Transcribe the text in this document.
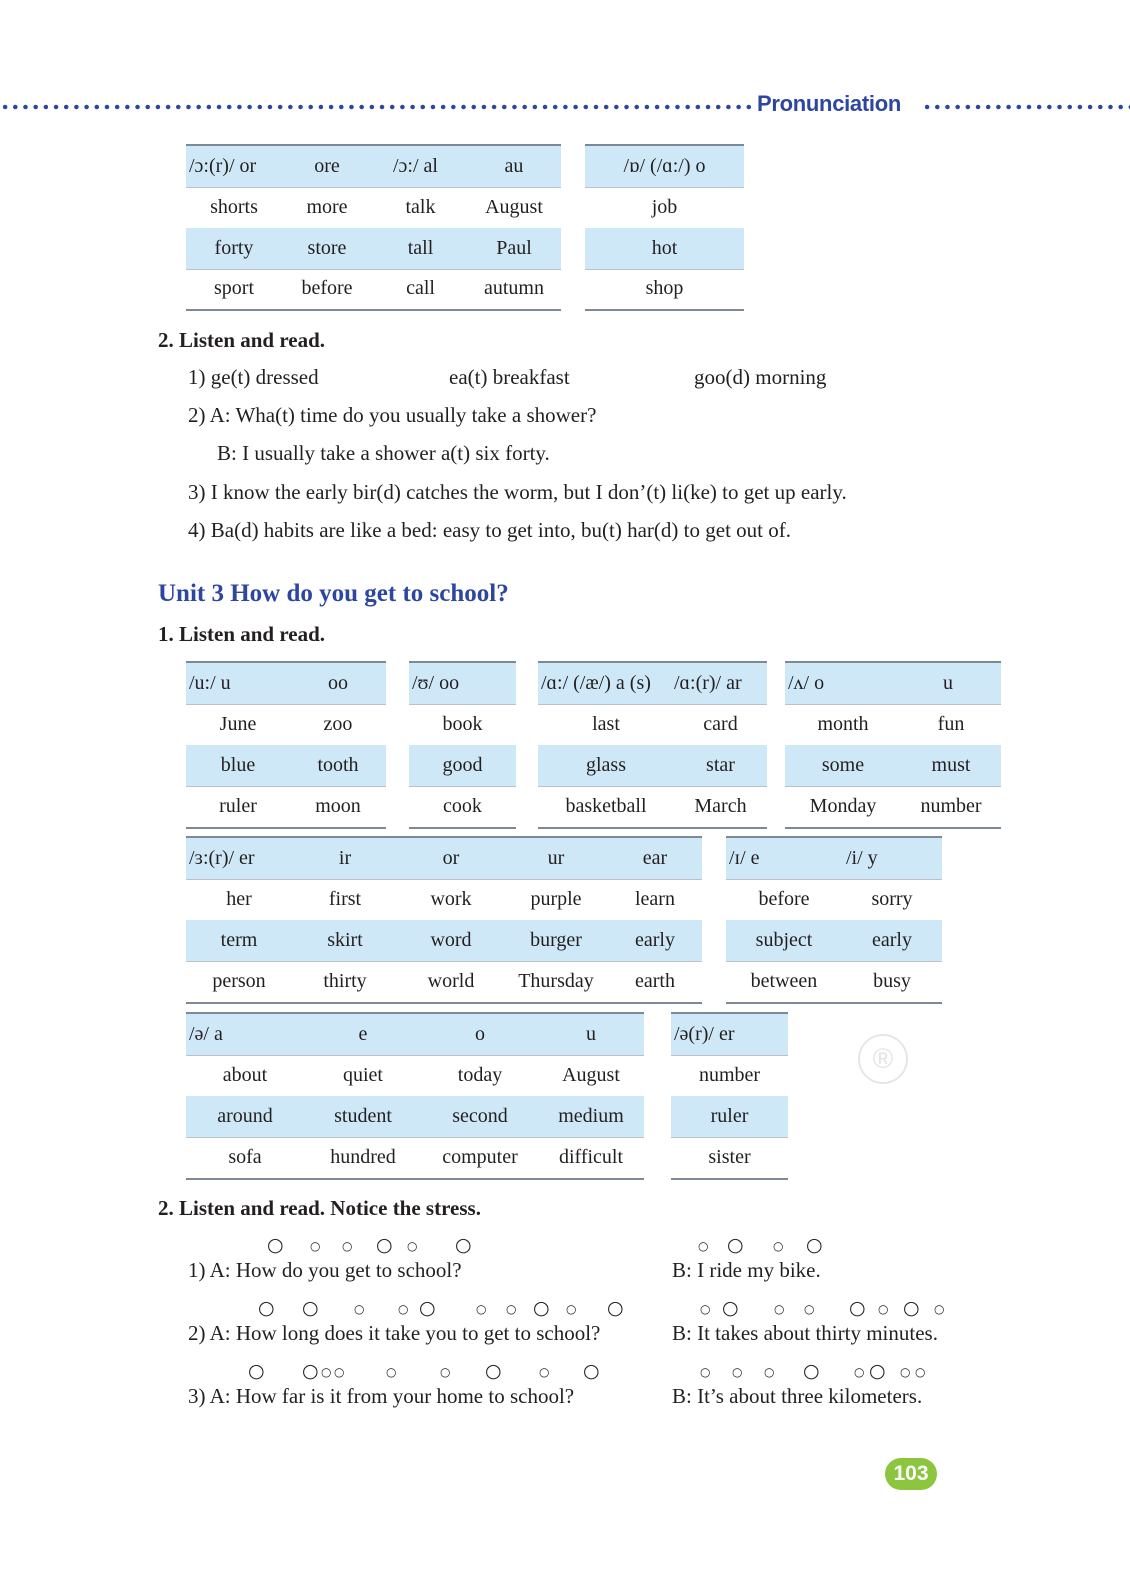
Pronunciation
/ɔ:(r)/ or	ore	/ɔ:/ al	au
shorts	more	talk	August
forty	store	tall	Paul
sport	before	call	autumn
/ɒ/ (/ɑ:/) o
job
hot
shop
2. Listen and read.
1) ge(t) dressed	ea(t) breakfast	goo(d) morning
2) A: Wha(t) time do you usually take a shower?
B: I usually take a shower a(t) six forty.
3) I know the early bir(d) catches the worm, but I don’(t) li(ke) to get up early.
4) Ba(d) habits are like a bed: easy to get into, bu(t) har(d) to get out of.
Unit 3 How do you get to school?
1. Listen and read.
/u:/ u	oo
June	zoo
blue	tooth
ruler	moon
/ʊ/ oo
book
good
cook
/ɑ:/ (/æ/) a (s)	/ɑ:(r)/ ar
last	card
glass	star
basketball	March
/ʌ/ o	u
month	fun
some	must
Monday	number
/ɜ:(r)/ er	ir	or	ur	ear
her	first	work	purple	learn
term	skirt	word	burger	early
person	thirty	world	Thursday	earth
/ɪ/ e	/i/ y
before	sorry
subject	early
between	busy
/ə/ a	e	o	u
about	quiet	today	August
around	student	second	medium
sofa	hundred	computer	difficult
/ə(r)/ er
number
ruler
sister
®
2. Listen and read. Notice the stress.
○ ○ ○ ○ ○ ○	○ ○ ○ ○
1) A: How do you get to school?	B: I ride my bike.
○ ○	○	○ ○	○ ○ ○ ○ ○	○ ○	○ ○ ○ ○ ○ ○
2) A: How long does it take you to get to school?	B: It takes about thirty minutes.
○ ○ ○ ○	○	○ ○	○ ○	○ ○ ○ ○	○ ○ ○ ○
3) A: How far is it from your home to school?	B: It’s about three kilometers.
103
